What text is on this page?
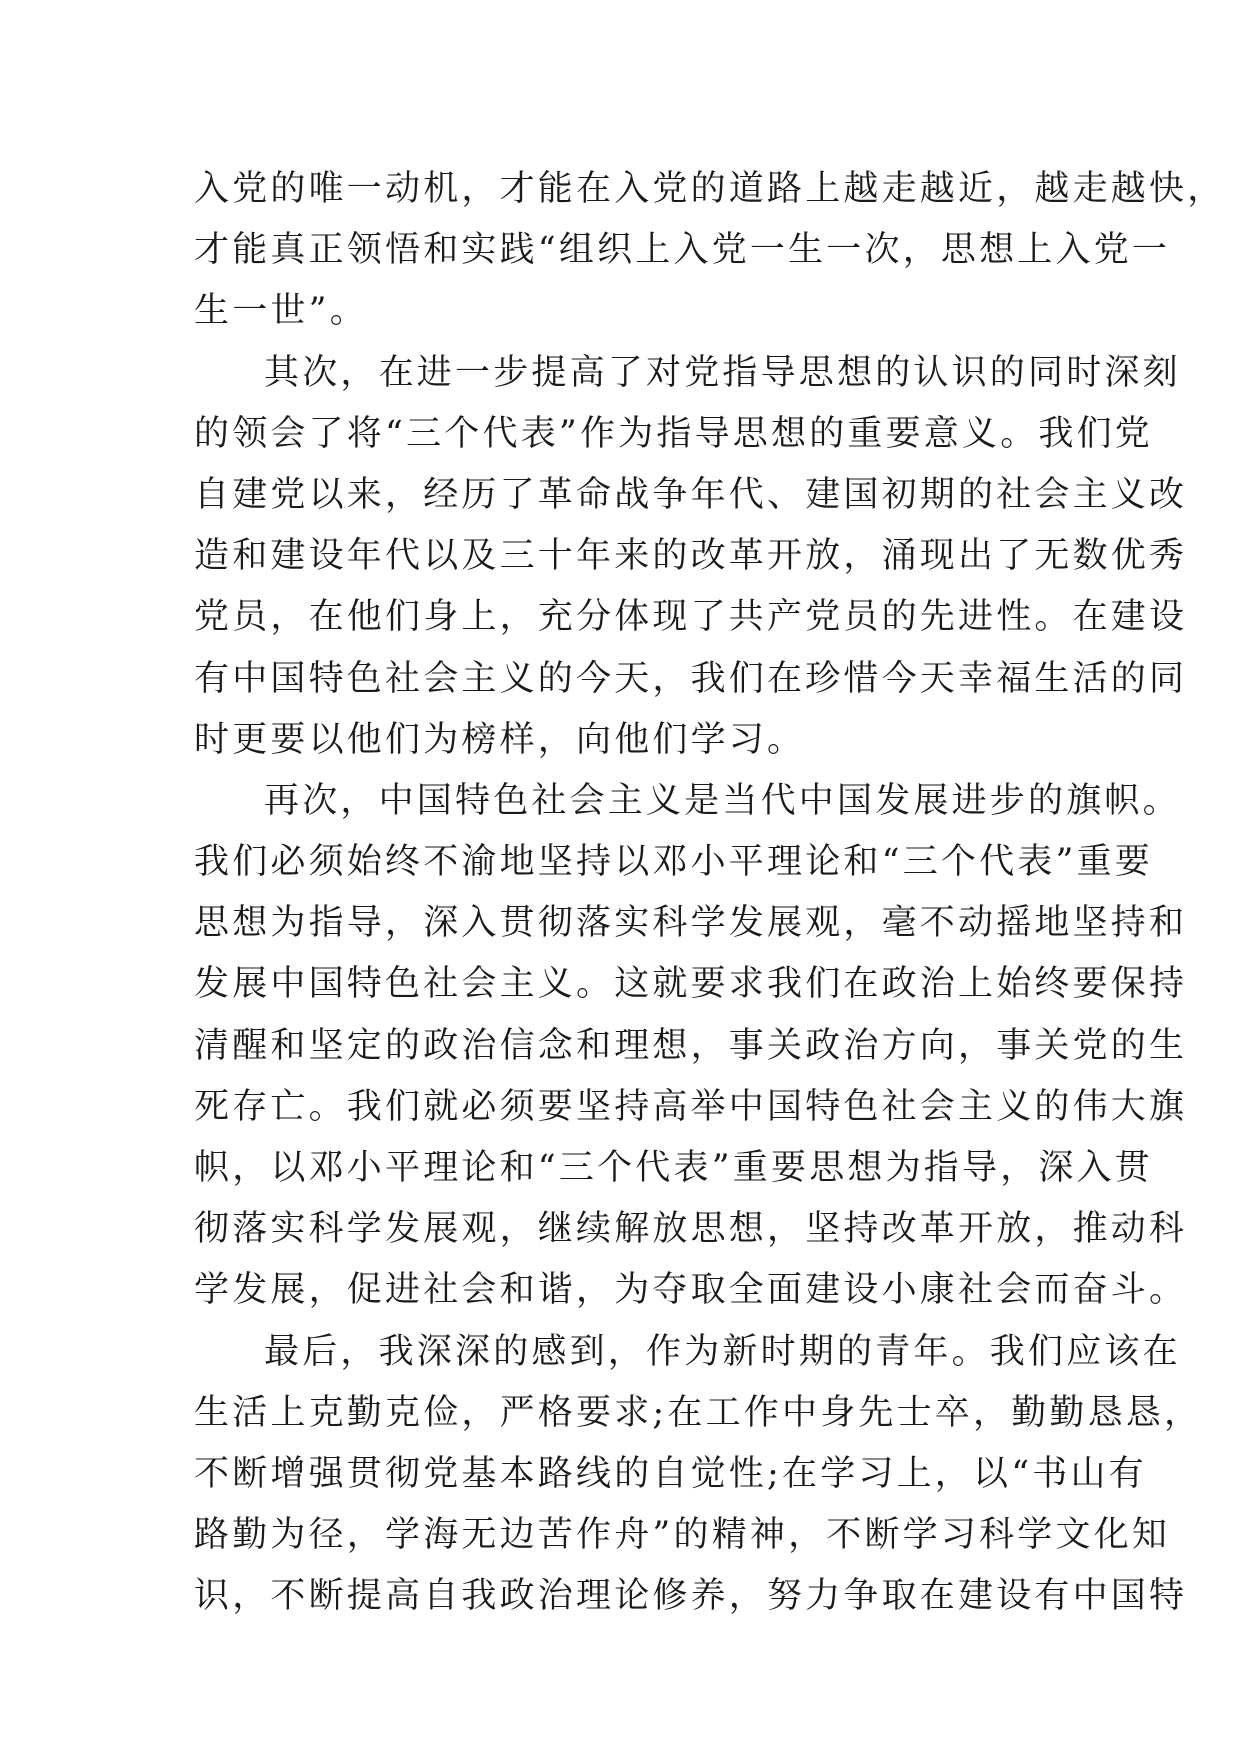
入党的唯一动机，才能在入党的道路上越走越近，越走越快，
才能真正领悟和实践“组织上入党一生一次，思想上入党一
生一世”。
其次，在进一步提高了对党指导思想的认识的同时深刻
的领会了将“三个代表”作为指导思想的重要意义。我们党
自建党以来，经历了革命战争年代、建国初期的社会主义改
造和建设年代以及三十年来的改革开放，涌现出了无数优秀
党员，在他们身上，充分体现了共产党员的先进性。在建设
有中国特色社会主义的今天，我们在珍惜今天幸福生活的同
时更要以他们为榜样，向他们学习。
再次，中国特色社会主义是当代中国发展进步的旗帜。
我们必须始终不渝地坚持以邓小平理论和“三个代表”重要
思想为指导，深入贯彻落实科学发展观，毫不动摇地坚持和
发展中国特色社会主义。这就要求我们在政治上始终要保持
清醒和坚定的政治信念和理想，事关政治方向，事关党的生
死存亡。我们就必须要坚持高举中国特色社会主义的伟大旗
帜，以邓小平理论和“三个代表”重要思想为指导，深入贯
彻落实科学发展观，继续解放思想，坚持改革开放，推动科
学发展，促进社会和谐，为夺取全面建设小康社会而奋斗。
最后，我深深的感到，作为新时期的青年。我们应该在
生活上克勤克俭，严格要求;在工作中身先士卒，勤勤恳恳，
不断增强贯彻党基本路线的自觉性;在学习上，以“书山有
路勤为径，学海无边苦作舟”的精神，不断学习科学文化知
识，不断提高自我政治理论修养，努力争取在建设有中国特
